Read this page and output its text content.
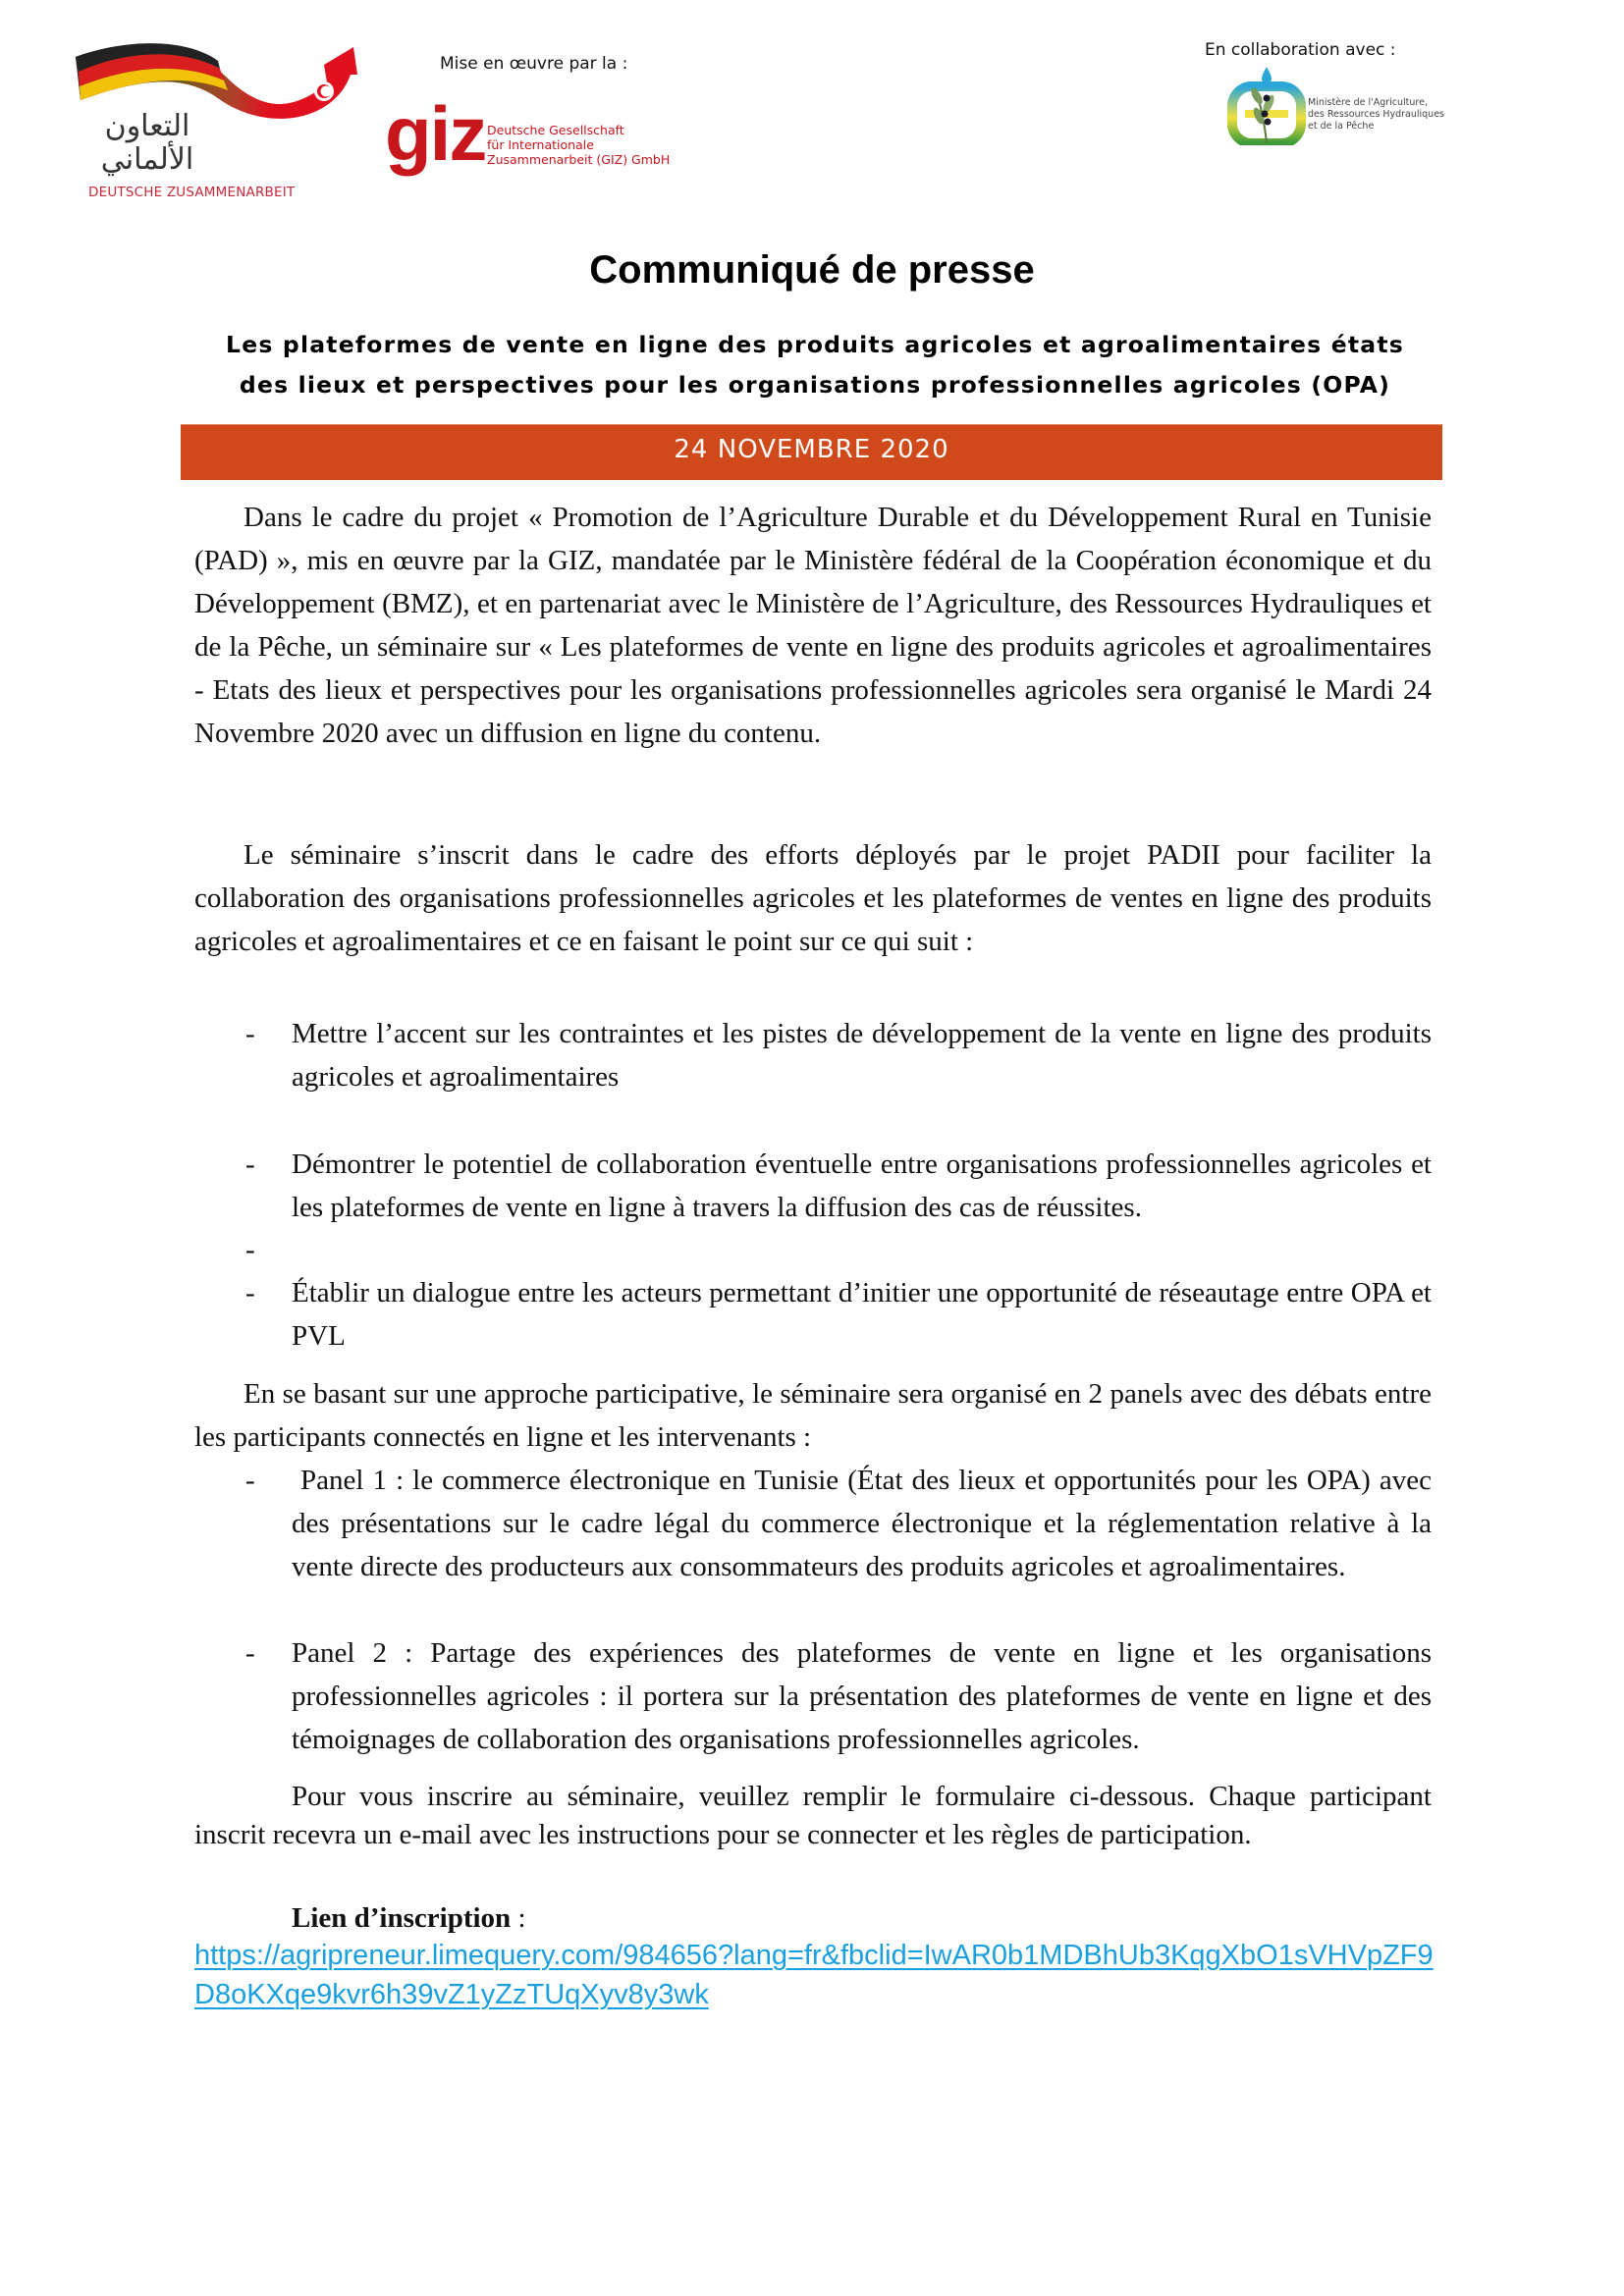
التعاون
الألماني
DEUTSCHE ZUSAMMENARBEIT
Mise en œuvre par la :
giz Deutsche Gesellschaft
für Internationale
Zusammenarbeit (GIZ) GmbH
En collaboration avec :
Ministère de l'Agriculture,
des Ressources Hydrauliques
et de la Pêche
Communiqué de presse
Les plateformes de vente en ligne des produits agricoles et agroalimentaires états
des lieux et perspectives pour les organisations professionnelles agricoles (OPA)
24 NOVEMBRE 2020
Dans le cadre du projet « Promotion de l’Agriculture Durable et du Développement Rural en Tunisie (PAD) », mis en œuvre par la GIZ, mandatée par le Ministère fédéral de la Coopération économique et du Développement (BMZ), et en partenariat avec le Ministère de l’Agriculture, des Ressources Hydrauliques et de la Pêche, un séminaire sur « Les plateformes de vente en ligne des produits agricoles et agroalimentaires - Etats des lieux et perspectives pour les organisations professionnelles agricoles sera organisé le Mardi 24 Novembre 2020 avec un diffusion en ligne du contenu.
Le séminaire s’inscrit dans le cadre des efforts déployés par le projet PADII pour faciliter la collaboration des organisations professionnelles agricoles et les plateformes de ventes en ligne des produits agricoles et agroalimentaires et ce en faisant le point sur ce qui suit :
- Mettre l’accent sur les contraintes et les pistes de développement de la vente en ligne des produits agricoles et agroalimentaires
- Démontrer le potentiel de collaboration éventuelle entre organisations professionnelles agricoles et les plateformes de vente en ligne à travers la diffusion des cas de réussites.
-

- Établir un dialogue entre les acteurs permettant d’initier une opportunité de réseautage entre OPA et PVL
En se basant sur une approche participative, le séminaire sera organisé en 2 panels avec des débats entre les participants connectés en ligne et les intervenants :
- Panel 1 : le commerce électronique en Tunisie (État des lieux et opportunités pour les OPA) avec des présentations sur le cadre légal du commerce électronique et la réglementation relative à la vente directe des producteurs aux consommateurs des produits agricoles et agroalimentaires.
- Panel 2 : Partage des expériences des plateformes de vente en ligne et les organisations professionnelles agricoles : il portera sur la présentation des plateformes de vente en ligne et des témoignages de collaboration des organisations professionnelles agricoles.
Pour vous inscrire au séminaire, veuillez remplir le formulaire ci-dessous. Chaque participant inscrit recevra un e-mail avec les instructions pour se connecter et les règles de participation.
Lien d’inscription :
https://agripreneur.limequery.com/984656?lang=fr&fbclid=IwAR0b1MDBhUb3KqgXbO1sVHVpZF9D8oKXqe9kvr6h39vZ1yZzTUqXyv8y3wk
